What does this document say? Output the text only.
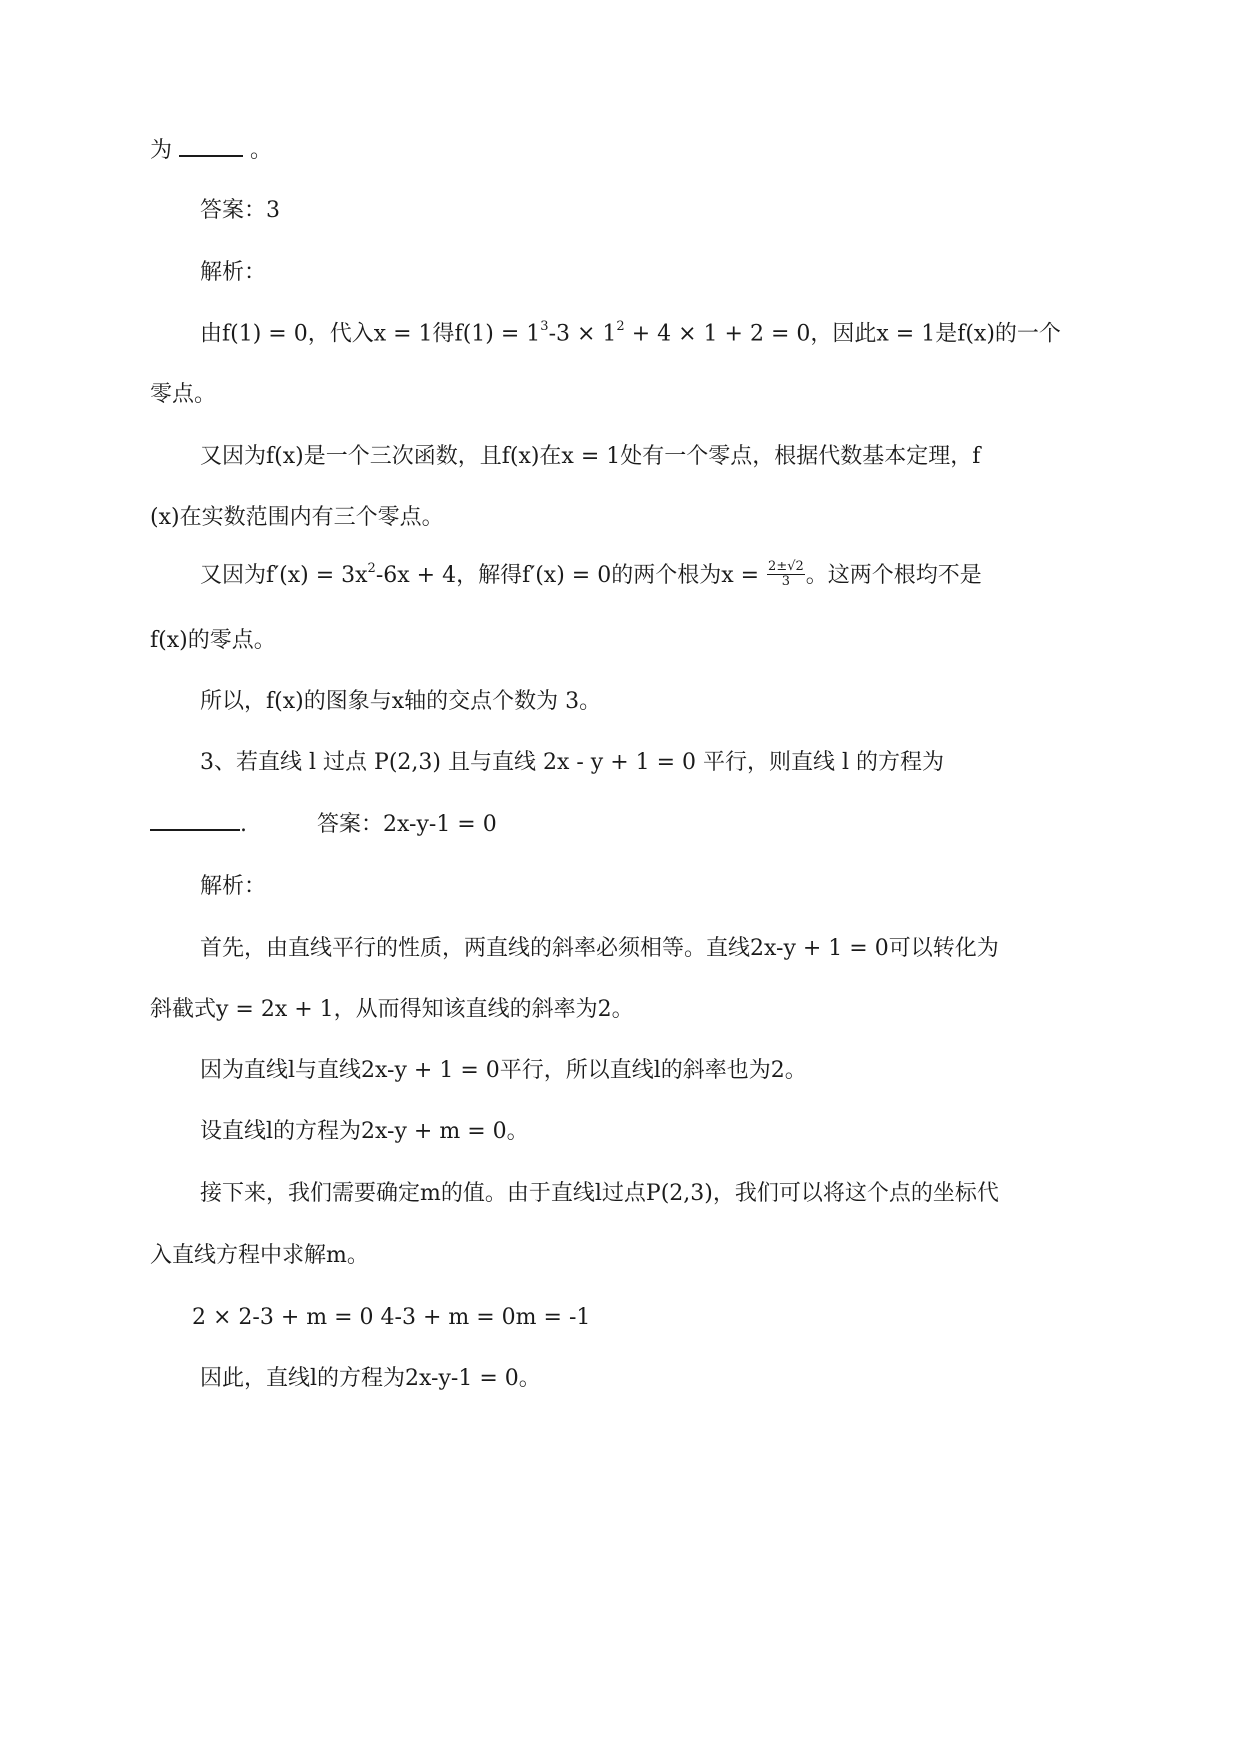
为	。
答案：3
解析：
由f(1) = 0，代入x = 1得$f(1) = 1^3-3 \times 1^2 + 4 \times 1 + 2 = 0$，因此x = 1是f(x)的一个
零点。
又因为f(x)是一个三次函数，且f(x)在x = 1处有一个零点，根据代数基本定理，f
(x)在实数范围内有三个零点。
又因为$f'(x) = 3x^2-6x + 4$，解得f′(x) = 0的两个根为$x = \frac{2\pm√2}{3}$ 。这两个根均不是
f(x)的零点。
所以，f(x)的图象与x轴的交点个数为 3。
3、若直线 l 过点 P(2,3) 且与直线 2x - y + 1 = 0 平行，则直线 l 的方程为
.	答案：2x-y-1 = 0
解析：
首先，由直线平行的性质，两直线的斜率必须相等。直线2x-y + 1 = 0可以转化为
斜截式y = 2x + 1，从而得知该直线的斜率为2。
因为直线l与直线2x-y + 1 = 0平行，所以直线l的斜率也为2。
设直线l的方程为2x-y + m = 0。
接下来，我们需要确定m的值。由于直线l过点P(2,3)，我们可以将这个点的坐标代
入直线方程中求解m。
2 × 2-3 + m = 0 4-3 + m = 0m = -1
因此，直线l的方程为2x-y-1 = 0。
